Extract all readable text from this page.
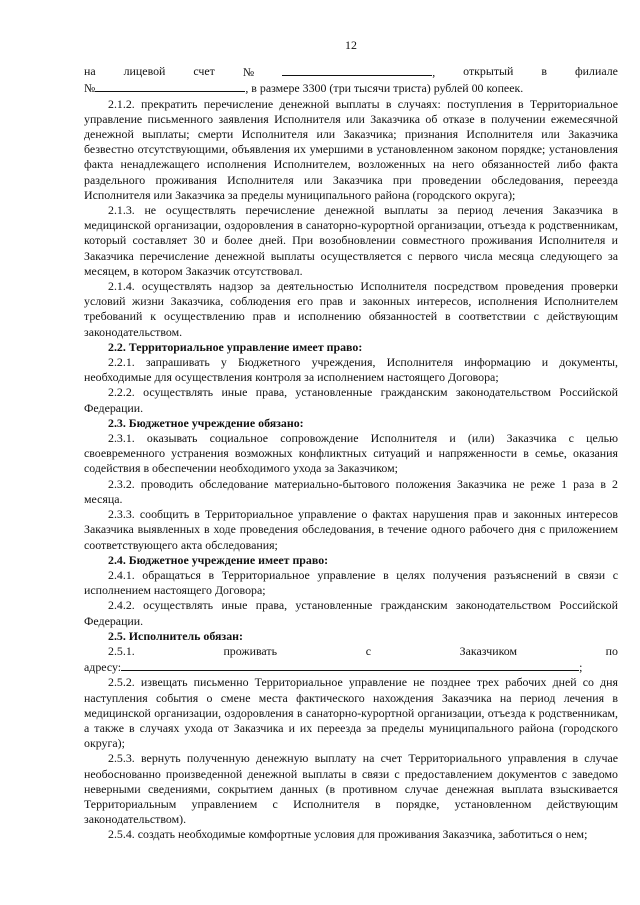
12
на лицевой счет №	, открытый в филиале

№	, в размере 3300 (три тысячи триста) рублей 00 копеек.

2.1.2. прекратить перечисление денежной выплаты в случаях: поступления в Территориальное управление письменного заявления Исполнителя или Заказчика об отказе в получении ежемесячной денежной выплаты; смерти Исполнителя или Заказчика; признания Исполнителя или Заказчика безвестно отсутствующими, объявления их умершими в установленном законом порядке; установления факта ненадлежащего исполнения Исполнителем, возложенных на него обязанностей либо факта раздельного проживания Исполнителя или Заказчика при проведении обследования, переезда Исполнителя или Заказчика за пределы муниципального района (городского округа);

2.1.3. не осуществлять перечисление денежной выплаты за период лечения Заказчика в медицинской организации, оздоровления в санаторно-курортной организации, отъезда к родственникам, который составляет 30 и более дней. При возобновлении совместного проживания Исполнителя и Заказчика перечисление денежной выплаты осуществляется с первого числа месяца следующего за месяцем, в котором Заказчик отсутствовал.

2.1.4. осуществлять надзор за деятельностью Исполнителя посредством проведения проверки условий жизни Заказчика, соблюдения его прав и законных интересов, исполнения Исполнителем требований к осуществлению прав и исполнению обязанностей в соответствии с действующим законодательством.

2.2. Территориальное управление имеет право:

2.2.1. запрашивать у Бюджетного учреждения, Исполнителя информацию и документы, необходимые для осуществления контроля за исполнением настоящего Договора;

2.2.2. осуществлять иные права, установленные гражданским законодательством Российской Федерации.

2.3. Бюджетное учреждение обязано:

2.3.1. оказывать социальное сопровождение Исполнителя и (или) Заказчика с целью своевременного устранения возможных конфликтных ситуаций и напряженности в семье, оказания содействия в обеспечении необходимого ухода за Заказчиком;

2.3.2. проводить обследование материально-бытового положения Заказчика не реже 1 раза в 2 месяца.

2.3.3. сообщить в Территориальное управление о фактах нарушения прав и законных интересов Заказчика выявленных в ходе проведения обследования, в течение одного рабочего дня с приложением соответствующего акта обследования;

2.4. Бюджетное учреждение имеет право:

2.4.1. обращаться в Территориальное управление в целях получения разъяснений в связи с исполнением настоящего Договора;

2.4.2. осуществлять иные права, установленные гражданским законодательством Российской Федерации.

2.5. Исполнитель обязан:

2.5.1.	проживать	с	Заказчиком	по

адресу:	;

2.5.2. извещать письменно Территориальное управление не позднее трех рабочих дней со дня наступления события о смене места фактического нахождения Заказчика на период лечения в медицинской организации, оздоровления в санаторно-курортной организации, отъезда к родственникам, а также в случаях ухода от Заказчика и их переезда за пределы муниципального района (городского округа);

2.5.3. вернуть полученную денежную выплату на счет Территориального управления в случае необоснованно произведенной денежной выплаты в связи с предоставлением документов с заведомо неверными сведениями, сокрытием данных (в противном случае денежная выплата взыскивается Территориальным управлением с Исполнителя в порядке, установленном действующим законодательством).

2.5.4. создать необходимые комфортные условия для проживания Заказчика, заботиться о нем;
